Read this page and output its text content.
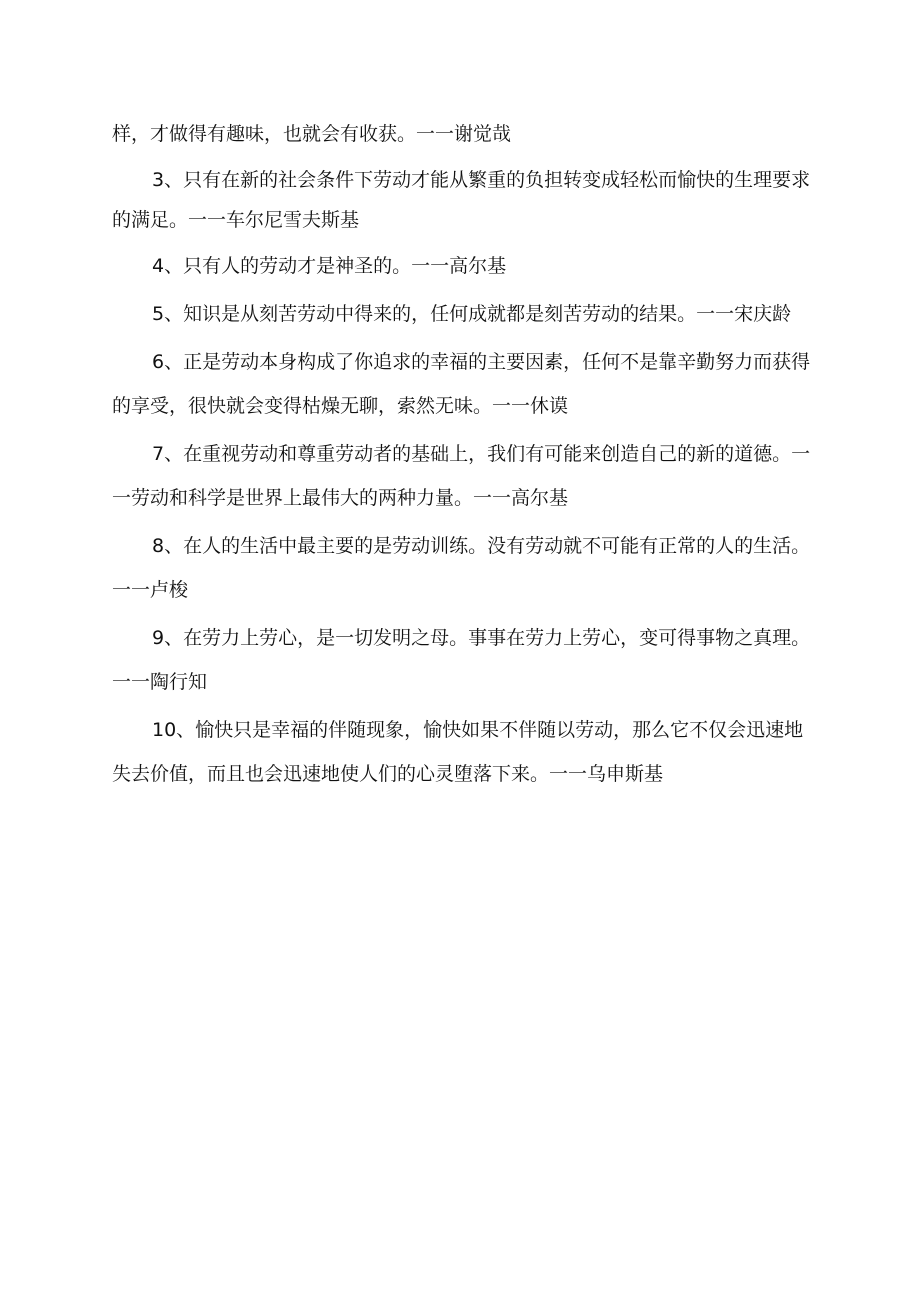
样，才做得有趣味，也就会有收获。一一谢觉哉

3、只有在新的社会条件下劳动才能从繁重的负担转变成轻松而愉快的生理要求的满足。一一车尔尼雪夫斯基

4、只有人的劳动才是神圣的。一一高尔基

5、知识是从刻苦劳动中得来的，任何成就都是刻苦劳动的结果。一一宋庆龄

6、正是劳动本身构成了你追求的幸福的主要因素，任何不是靠辛勤努力而获得的享受，很快就会变得枯燥无聊，索然无味。一一休谟

7、在重视劳动和尊重劳动者的基础上，我们有可能来创造自己的新的道德。一一劳动和科学是世界上最伟大的两种力量。一一高尔基

8、在人的生活中最主要的是劳动训练。没有劳动就不可能有正常的人的生活。一一卢梭

9、在劳力上劳心，是一切发明之母。事事在劳力上劳心，变可得事物之真理。一一陶行知

10、愉快只是幸福的伴随现象，愉快如果不伴随以劳动，那么它不仅会迅速地失去价值，而且也会迅速地使人们的心灵堕落下来。一一乌申斯基
